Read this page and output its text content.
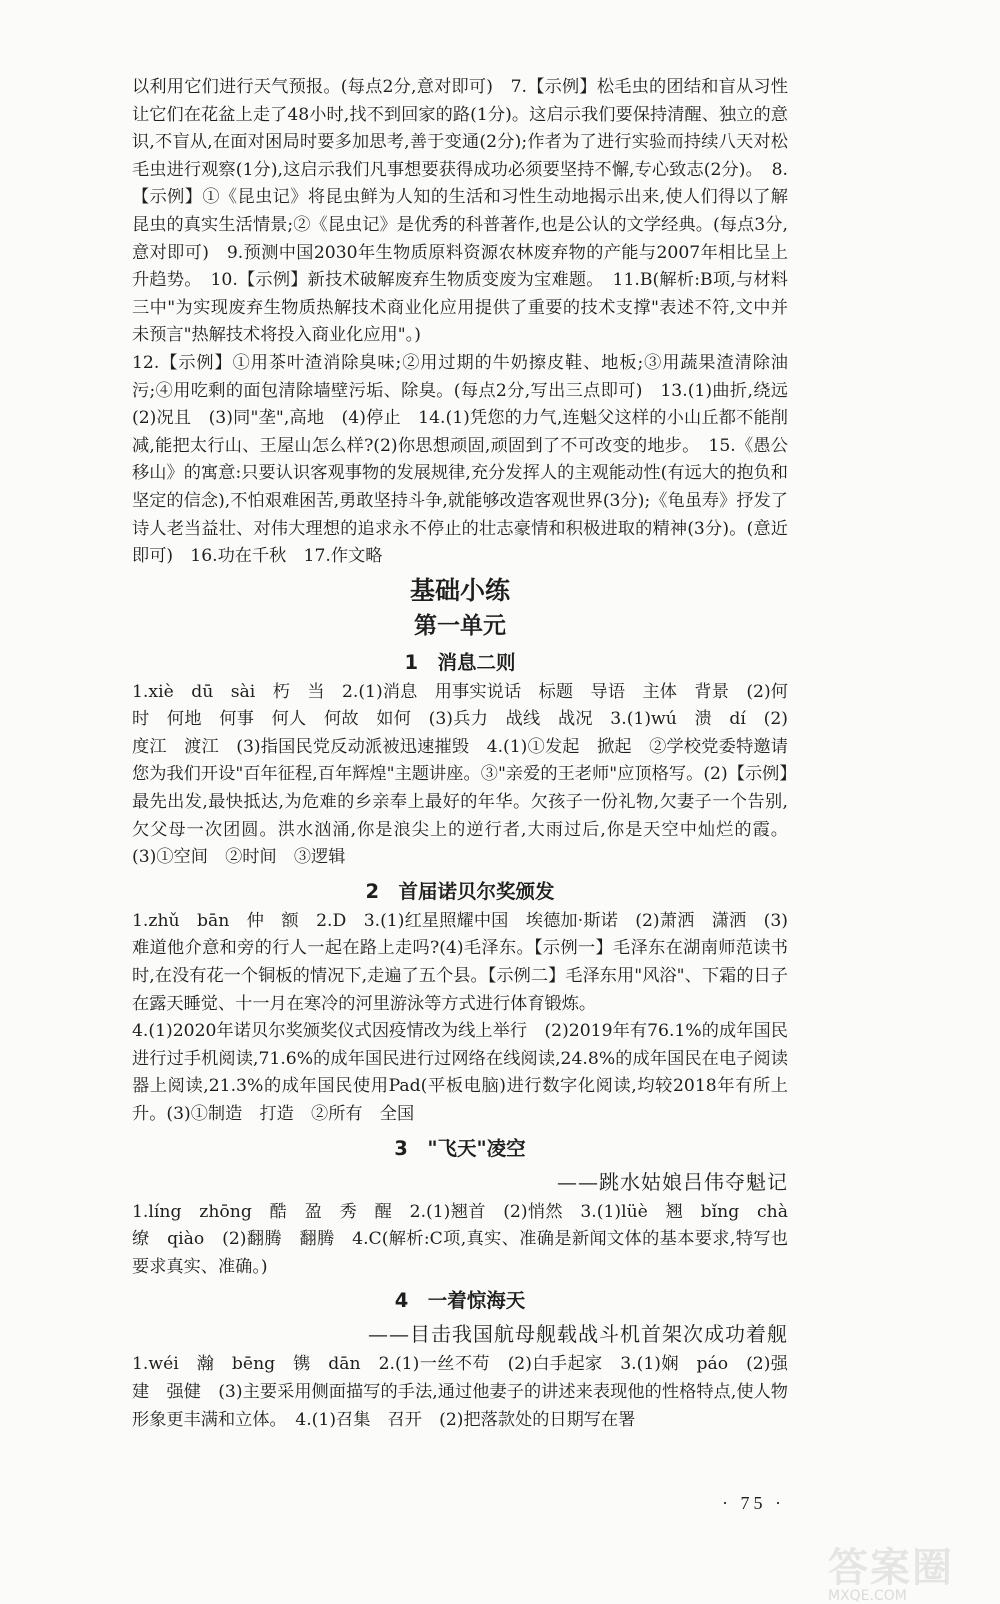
以利用它们进行天气预报。(每点2分,意对即可)　7.【示例】松毛虫的团结和盲从习性让它们在花盆上走了48小时,找不到回家的路(1分)。这启示我们要保持清醒、独立的意识,不盲从,在面对困局时要多加思考,善于变通(2分);作者为了进行实验而持续八天对松毛虫进行观察(1分),这启示我们凡事想要获得成功必须要坚持不懈,专心致志(2分)。　8.【示例】①《昆虫记》将昆虫鲜为人知的生活和习性生动地揭示出来,使人们得以了解昆虫的真实生活情景;②《昆虫记》是优秀的科普著作,也是公认的文学经典。(每点3分,意对即可)　9.预测中国2030年生物质原料资源农林废弃物的产能与2007年相比呈上升趋势。　10.【示例】新技术破解废弃生物质变废为宝难题。　11.B(解析:B项,与材料三中"为实现废弃生物质热解技术商业化应用提供了重要的技术支撑"表述不符,文中并未预言"热解技术将投入商业化应用"。)

12.【示例】①用茶叶渣消除臭味;②用过期的牛奶擦皮鞋、地板;③用蔬果渣清除油污;④用吃剩的面包清除墙壁污垢、除臭。(每点2分,写出三点即可)　13.(1)曲折,绕远　(2)况且　(3)同"垄",高地　(4)停止　14.(1)凭您的力气,连魁父这样的小山丘都不能削减,能把太行山、王屋山怎么样?(2)你思想顽固,顽固到了不可改变的地步。　15.《愚公移山》的寓意:只要认识客观事物的发展规律,充分发挥人的主观能动性(有远大的抱负和坚定的信念),不怕艰难困苦,勇敢坚持斗争,就能够改造客观世界(3分);《龟虽寿》抒发了诗人老当益壮、对伟大理想的追求永不停止的壮志豪情和积极进取的精神(3分)。(意近即可)　16.功在千秋　17.作文略

基础小练
第一单元
1　消息二则

1.xiè　dū　sài　朽　当　2.(1)消息　用事实说话　标题　导语　主体　背景　(2)何时　何地　何事　何人　何故　如何　(3)兵力　战线　战况　3.(1)wú　溃　dí　(2)度江　渡江　(3)指国民党反动派被迅速摧毁　4.(1)①发起　掀起　②学校党委特邀请您为我们开设"百年征程,百年辉煌"主题讲座。③"亲爱的王老师"应顶格写。(2)【示例】最先出发,最快抵达,为危难的乡亲奉上最好的年华。欠孩子一份礼物,欠妻子一个告别,欠父母一次团圆。洪水汹涌,你是浪尖上的逆行者,大雨过后,你是天空中灿烂的霞。(3)①空间　②时间　③逻辑

2　首届诺贝尔奖颁发

1.zhǔ　bān　仲　额　2.D　3.(1)红星照耀中国　埃德加·斯诺　(2)萧洒　潇洒　(3)难道他介意和旁的行人一起在路上走吗?(4)毛泽东。【示例一】毛泽东在湖南师范读书时,在没有花一个铜板的情况下,走遍了五个县。【示例二】毛泽东用"风浴"、下霜的日子在露天睡觉、十一月在寒冷的河里游泳等方式进行体育锻炼。

4.(1)2020年诺贝尔奖颁奖仪式因疫情改为线上举行　(2)2019年有76.1%的成年国民进行过手机阅读,71.6%的成年国民进行过网络在线阅读,24.8%的成年国民在电子阅读器上阅读,21.3%的成年国民使用Pad(平板电脑)进行数字化阅读,均较2018年有所上升。(3)①制造　打造　②所有　全国

3　"飞天"凌空

——跳水姑娘吕伟夺魁记

1.líng　zhōng　酷　盈　秀　醒　2.(1)翘首　(2)悄然　3.(1)lüè　翘　bǐng　chà　缭　qiào　(2)翻腾　翻腾　4.C(解析:C项,真实、准确是新闻文体的基本要求,特写也要求真实、准确。)

4　一着惊海天

——目击我国航母舰载战斗机首架次成功着舰

1.wéi　瀚　bēng　镌　dān　2.(1)一丝不苟　(2)白手起家　3.(1)娴　páo　(2)强建　强健　(3)主要采用侧面描写的手法,通过他妻子的讲述来表现他的性格特点,使人物形象更丰满和立体。　4.(1)召集　召开　(2)把落款处的日期写在署

· 75 ·
答案圈
MXQE.COM
